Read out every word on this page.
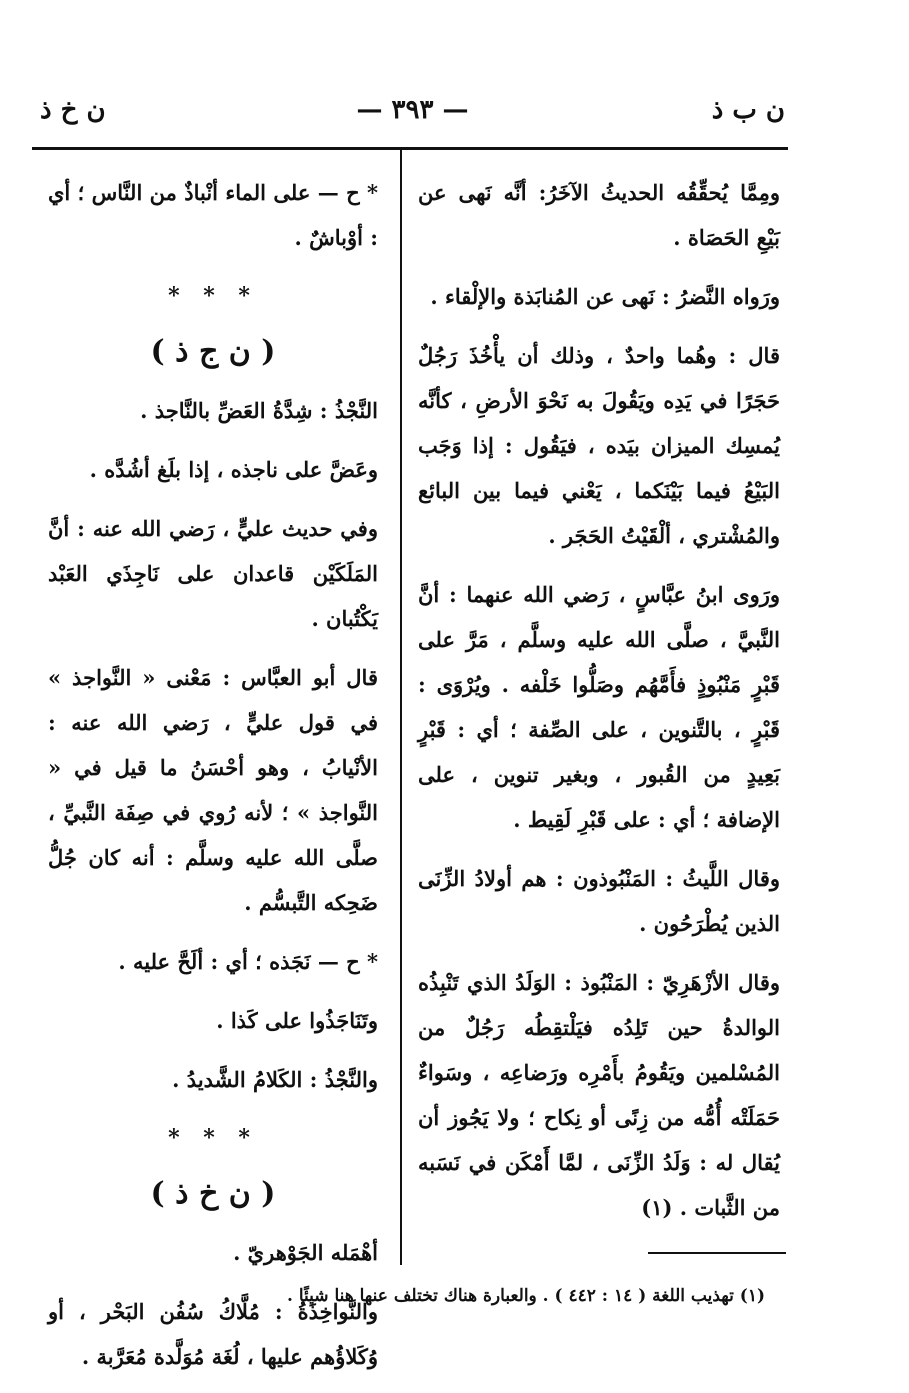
ن ب ذ
— ٣٩٣ —
ن خ ذ

ومِمَّا يُحقِّقُه الحديثُ الآخَرُ: أنَّه نَهى عن بَيْعِ الحَصَاة .

ورَواه النَّضرُ : نَهى عن المُنابَذة والإلْقاء .

قال : وهُما واحدٌ ، وذلك أن يأْخُذَ رَجُلٌ حَجَرًا في يَدِه ويَقُولَ به نَحْوَ الأرضِ ، كأنَّه يُمسِك الميزان بيَده ، فيَقُول : إذا وَجَب البَيْعُ فيما بَيْنَكما ، يَعْني فيما بين البائع والمُشْتري ، ألْقَيْتُ الحَجَر .

ورَوى ابنُ عبَّاسٍ ، رَضي الله عنهما : أنَّ النَّبيَّ ، صلَّى الله عليه وسلَّم ، مَرَّ على قَبْرٍ مَنْبُوذٍ فأَمَّهُم وصَلُّوا خَلْفه . ويُرْوَى : قَبْرٍ ، بالتَّنوين ، على الصِّفة ؛ أي : قَبْرٍ بَعِيدٍ من القُبور ، وبغير تنوين ، على الإضافة ؛ أي : على قَبْرِ لَقِيط .

وقال اللَّيثُ : المَنْبُوذون : هم أولادُ الزِّنَى الذين يُطْرَحُون .

وقال الأزْهَرِيّ : المَنْبُوذ : الوَلَدُ الذي تَنْبِذُه الوالدةُ حين تَلِدُه فيَلْتقِطُه رَجُلٌ من المُسْلمين ويَقُومُ بأَمْرِه ورَضاعِه ، وسَواءٌ حَمَلَتْه أُمُّه من زِنًى أو نِكاح ؛ ولا يَجُوز أن يُقال له : وَلَدُ الزِّنَى ، لمَّا أَمْكَن في نَسَبه من الثَّبات . (١)

* ح — على الماء أنْباذٌ من النَّاس ؛ أي : أوْباشٌ .

* * *
( ن ج ذ )

النَّجْذُ : شِدَّةُ العَضِّ بالنَّاجذ .

وعَضَّ على ناجذه ، إذا بلَغ أشُدَّه .

وفي حديث عليٍّ ، رَضي الله عنه : أنَّ المَلَكَيْن قاعدان على نَاجِذَي العَبْد يَكْتُبان .

قال أبو العبَّاس : مَعْنى « النَّواجذ » في قول عليٍّ ، رَضي الله عنه : الأنْيابُ ، وهو أحْسَنُ ما قيل في « النَّواجذ » ؛ لأنه رُوي في صِفَة النَّبيِّ ، صلَّى الله عليه وسلَّم : أنه كان جُلُّ ضَحِكه التَّبسُّم .

* ح — نَجَذه ؛ أي : ألَحَّ عليه .

وتَنَاجَذُوا على كَذا .

والنَّجْذُ : الكَلامُ الشَّديدُ .

* * *
( ن خ ذ )

أهْمَله الجَوْهريّ .

والنَّواخِذَةُ : مُلَّاكُ سُفُن البَحْر ، أو وُكَلاؤُهم عليها ، لُغَة مُوَلَّدة مُعَرَّبة .

(١) تهذيب اللغة ( ١٤ : ٤٤٢ ) . والعبارة هناك تختلف عنها هنا شيئًا .
